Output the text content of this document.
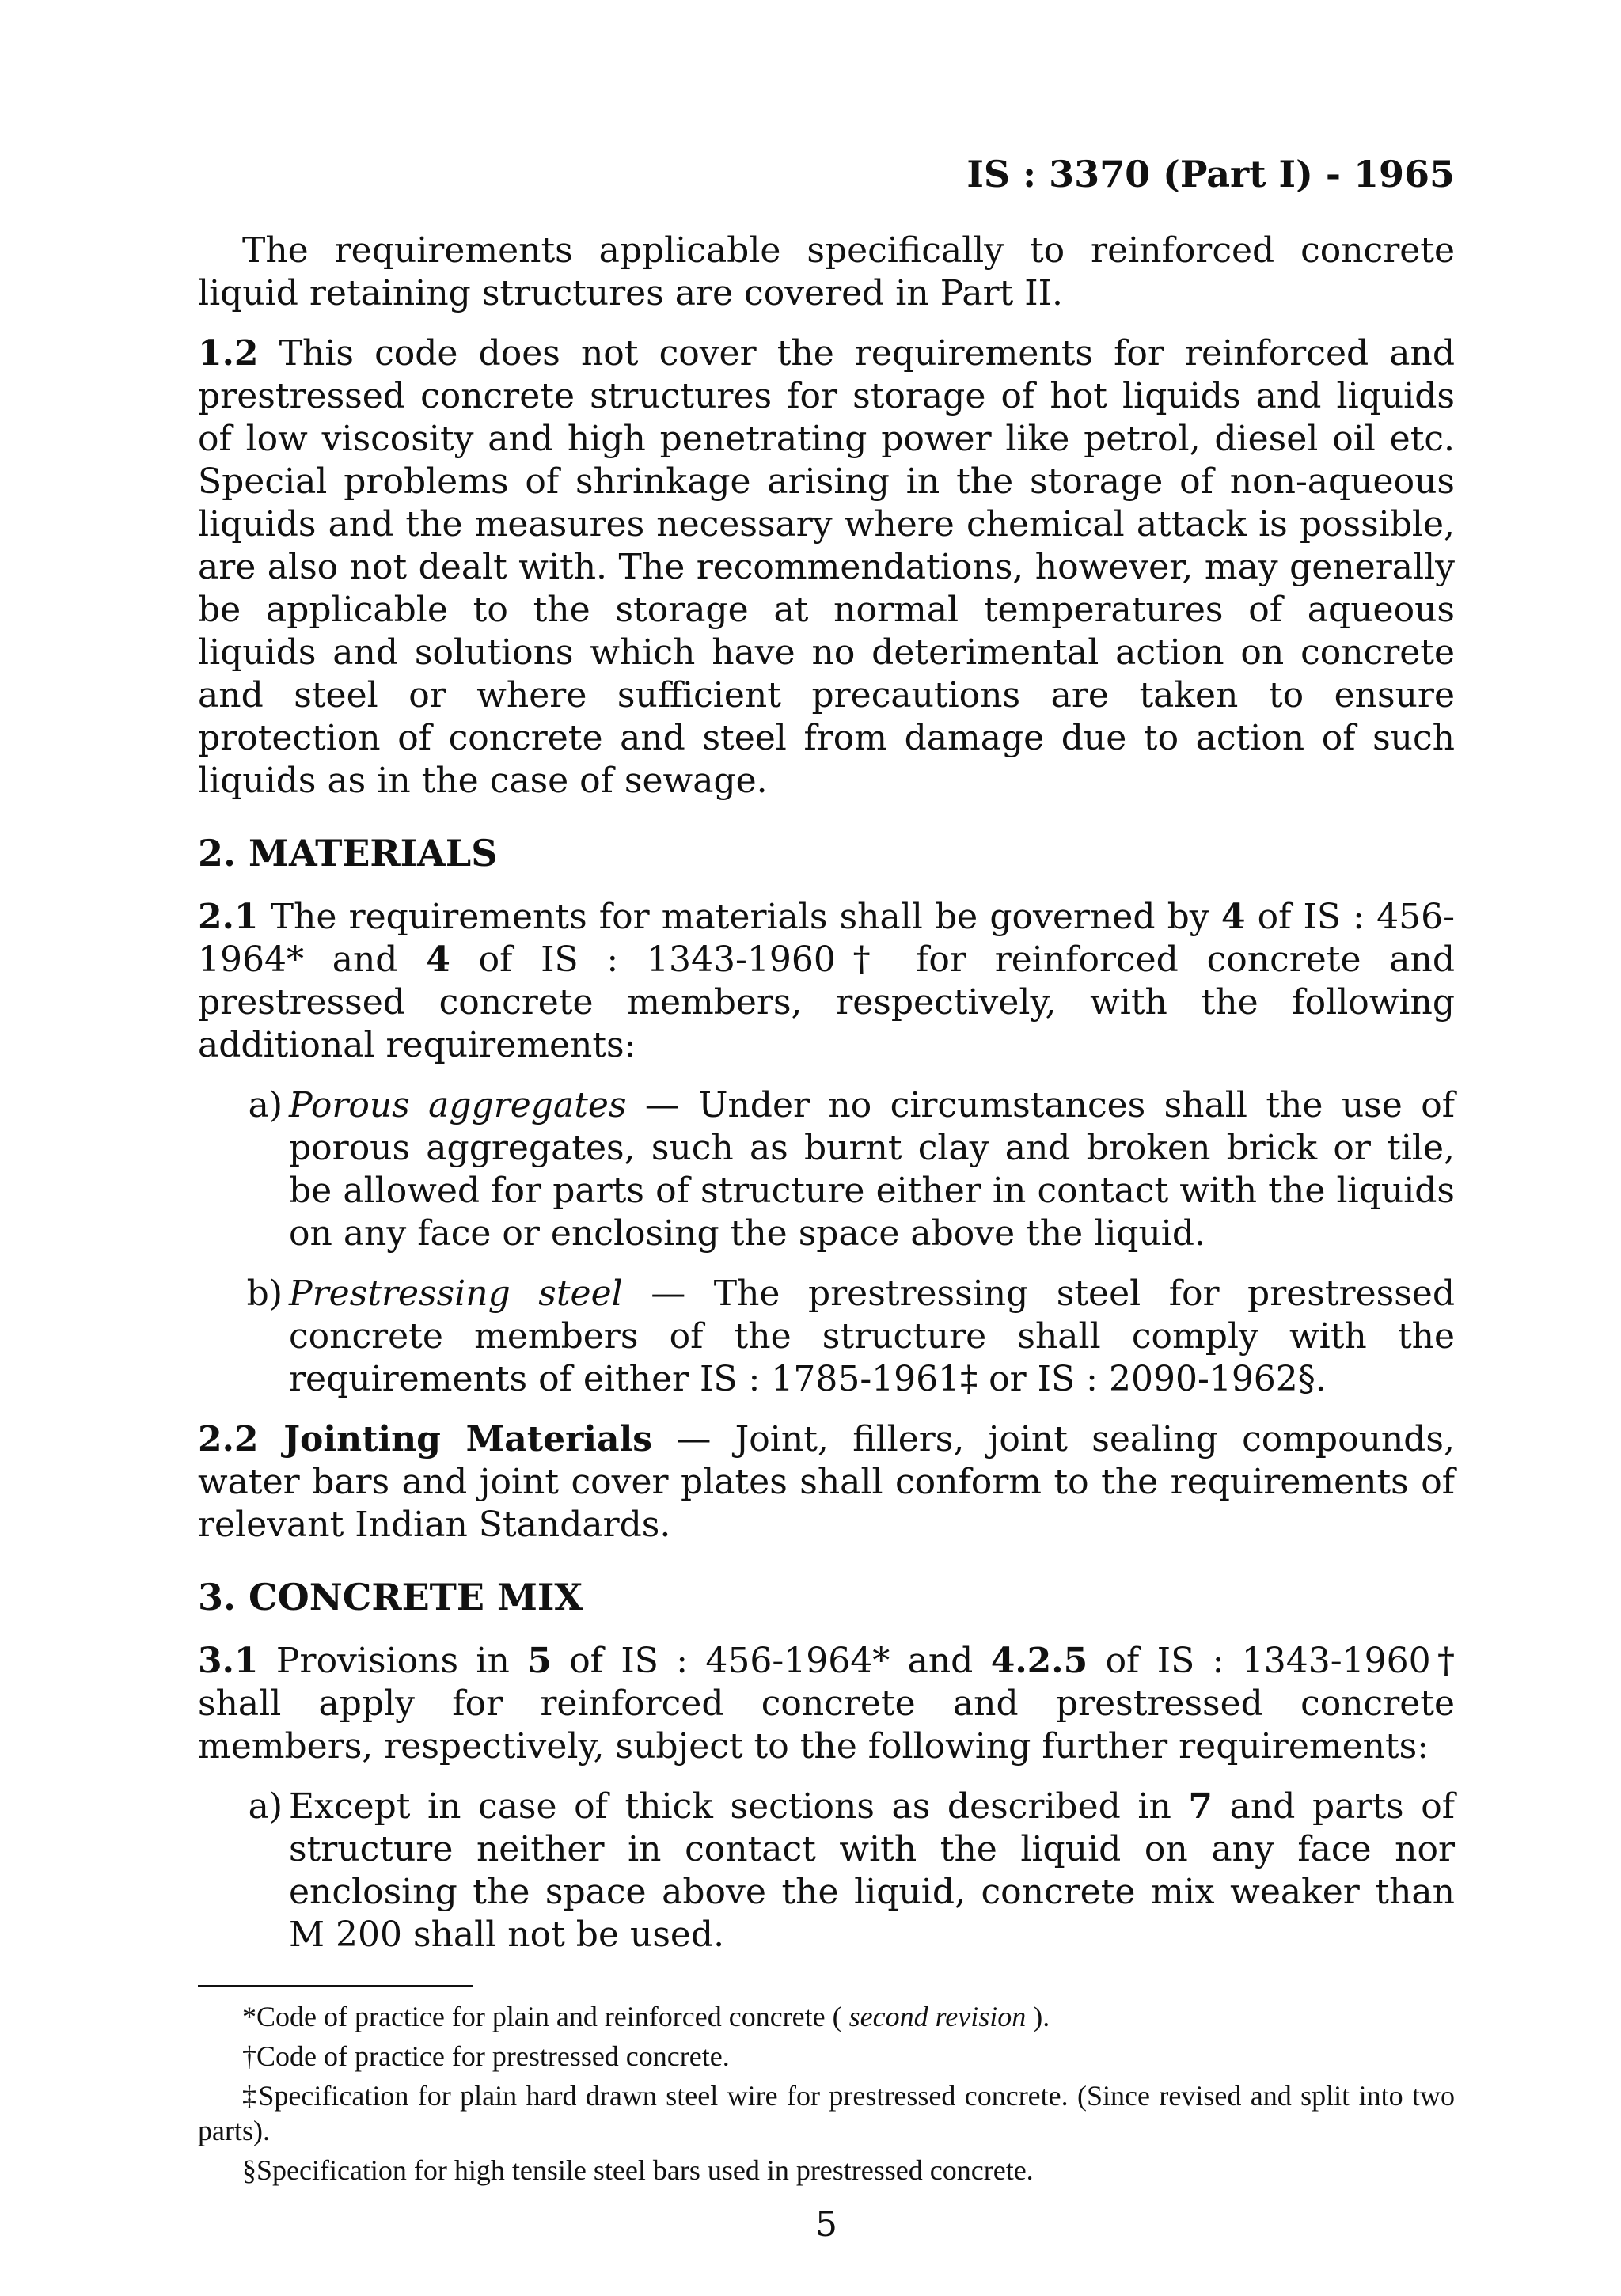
IS : 3370 (Part I) - 1965

The requirements applicable specifically to reinforced concrete liquid retaining structures are covered in Part II.

1.2 This code does not cover the requirements for reinforced and prestressed concrete structures for storage of hot liquids and liquids of low viscosity and high penetrating power like petrol, diesel oil etc. Special problems of shrinkage arising in the storage of non-aqueous liquids and the measures necessary where chemical attack is possible, are also not dealt with. The recommendations, however, may generally be applicable to the storage at normal temperatures of aqueous liquids and solutions which have no deterimental action on concrete and steel or where sufficient precautions are taken to ensure protection of concrete and steel from damage due to action of such liquids as in the case of sewage.

2. MATERIALS

2.1 The requirements for materials shall be governed by 4 of IS : 456-1964* and 4 of IS : 1343-1960† for reinforced concrete and prestressed concrete members, respectively, with the following additional requirements:

a) Porous aggregates — Under no circumstances shall the use of porous aggregates, such as burnt clay and broken brick or tile, be allowed for parts of structure either in contact with the liquids on any face or enclosing the space above the liquid.
b) Prestressing steel — The prestressing steel for prestressed concrete members of the structure shall comply with the requirements of either IS : 1785-1961‡ or IS : 2090-1962§.

2.2 Jointing Materials — Joint, fillers, joint sealing compounds, water bars and joint cover plates shall conform to the requirements of relevant Indian Standards.

3. CONCRETE MIX

3.1 Provisions in 5 of IS : 456-1964* and 4.2.5 of IS : 1343-1960† shall apply for reinforced concrete and prestressed concrete members, respectively, subject to the following further requirements:

a) Except in case of thick sections as described in 7 and parts of structure neither in contact with the liquid on any face nor enclosing the space above the liquid, concrete mix weaker than M 200 shall not be used.

*Code of practice for plain and reinforced concrete ( second revision ).

†Code of practice for prestressed concrete.

‡Specification for plain hard drawn steel wire for prestressed concrete. (Since revised and split into two parts).

§Specification for high tensile steel bars used in prestressed concrete.

5
